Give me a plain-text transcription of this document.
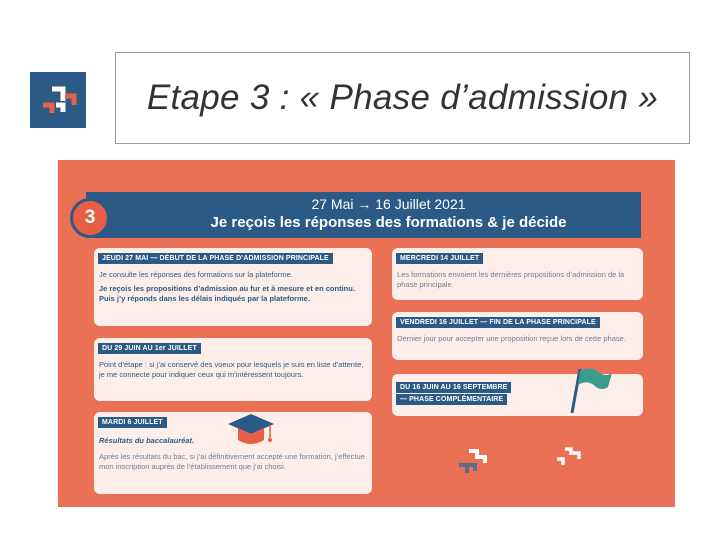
Etape 3 : « Phase d’admission »
27 Mai → 16 Juillet 2021
Je reçois les réponses des formations & je décide
3
JEUDI 27 MAI — DÉBUT DE LA PHASE D’ADMISSION PRINCIPALE
Je consulte les réponses des formations sur la plateforme.
Je reçois les propositions d’admission au fur et à mesure et en continu. Puis j’y réponds dans les délais indiqués par la plateforme.
DU 29 JUIN AU 1er JUILLET
Point d’étape : si j’ai conservé des voeux pour lesquels je suis en liste d’attente, je me connecte pour indiquer ceux qui m’intéressent toujours.
MARDI 6 JUILLET
Résultats du baccalauréat.
Après les résultats du bac, si j’ai définitivement accepté une formation, j’effectue mon inscription auprès de l’établissement que j’ai choisi.
MERCREDI 14 JUILLET
Les formations envoient les dernières propositions d’admission de la phase principale.
VENDREDI 16 JUILLET — FIN DE LA PHASE PRINCIPALE
Dernier jour pour accepter une proposition reçue lors de cette phase.
DU 16 JUIN AU 16 SEPTEMBRE
— PHASE COMPLÉMENTAIRE
